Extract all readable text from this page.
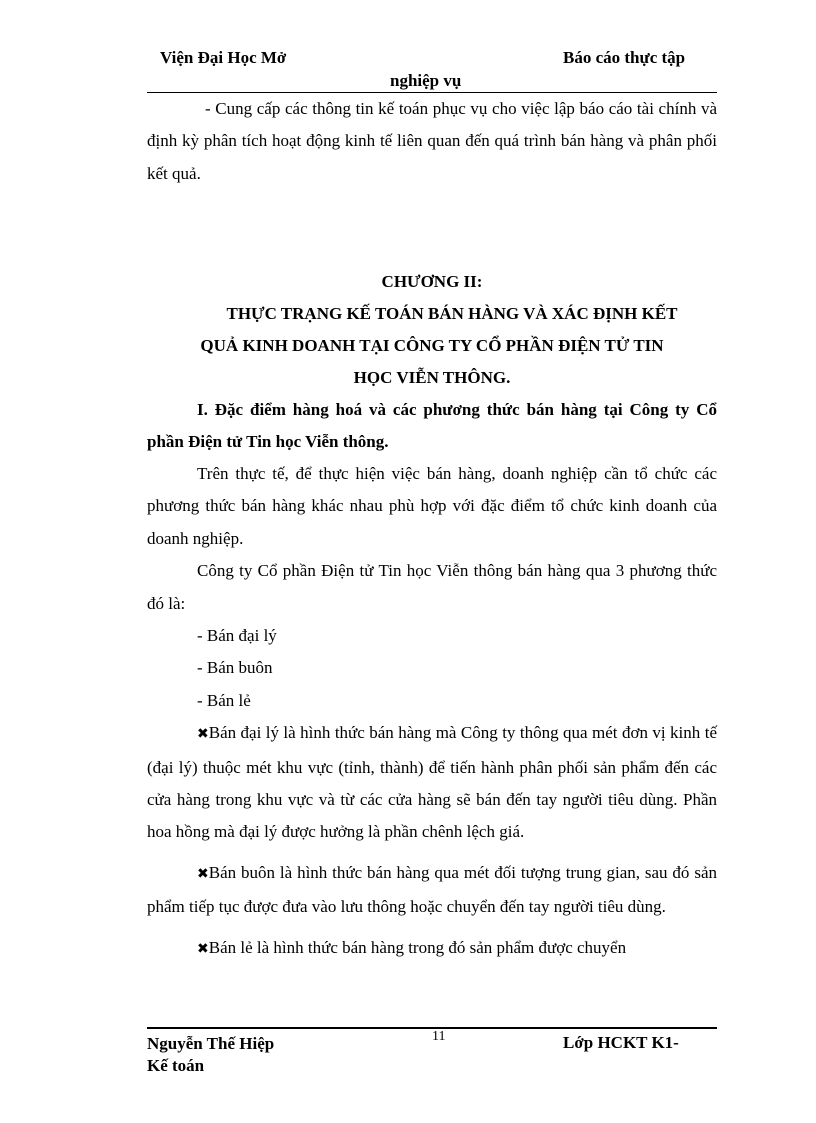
Viện Đại Học Mở	Báo cáo thực tập
nghiệp vụ

- Cung cấp các thông tin kế toán phục vụ cho việc lập báo cáo tài chính và định kỳ phân tích hoạt động kinh tế liên quan đến quá trình bán hàng và phân phối kết quả.

CHƯƠNG II:

THỰC TRẠNG KẾ TOÁN BÁN HÀNG VÀ XÁC ĐỊNH KẾT

QUẢ KINH DOANH TẠI CÔNG TY CỔ PHẦN ĐIỆN TỬ TIN

HỌC VIỄN THÔNG.

I. Đặc điểm hàng hoá và các phương thức bán hàng tại Công ty Cổ phần Điện tử Tin học Viễn thông.

Trên thực tế, để thực hiện việc bán hàng, doanh nghiệp cần tổ chức các phương thức bán hàng khác nhau phù hợp với đặc điểm tổ chức kinh doanh của doanh nghiệp.

Công ty Cổ phần Điện tử Tin học Viễn thông bán hàng qua 3 phương thức đó là:

- Bán đại lý

- Bán buôn

- Bán lẻ

✖Bán đại lý là hình thức bán hàng mà Công ty thông qua mét đơn vị kinh tế (đại lý) thuộc mét khu vực (tỉnh, thành) để tiến hành phân phối sản phẩm đến các cửa hàng trong khu vực và từ các cửa hàng sẽ bán đến tay người tiêu dùng. Phần hoa hồng mà đại lý được hưởng là phần chênh lệch giá.

✖Bán buôn là hình thức bán hàng qua mét đối tượng trung gian, sau đó sản phẩm tiếp tục được đưa vào lưu thông hoặc chuyển đến tay người tiêu dùng.

✖Bán lẻ là hình thức bán hàng trong đó sản phẩm được chuyển

Nguyễn Thế Hiệp
Kế toán
11	Lớp HCKT K1-
